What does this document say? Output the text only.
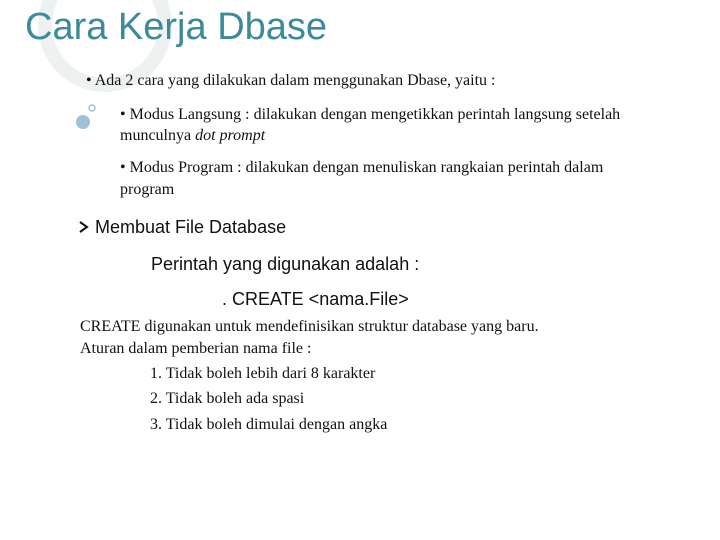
Cara Kerja Dbase
• Ada 2 cara yang dilakukan dalam menggunakan Dbase, yaitu :
• Modus Langsung : dilakukan dengan mengetikkan perintah langsung setelah
munculnya dot prompt
• Modus Program : dilakukan dengan menuliskan rangkaian perintah dalam
program
Membuat File Database
Perintah yang digunakan adalah :
. CREATE <nama.File>
CREATE digunakan untuk mendefinisikan struktur database yang baru.
Aturan dalam pemberian nama file :
1. Tidak boleh lebih dari 8 karakter
2. Tidak boleh ada spasi
3. Tidak boleh dimulai dengan angka
